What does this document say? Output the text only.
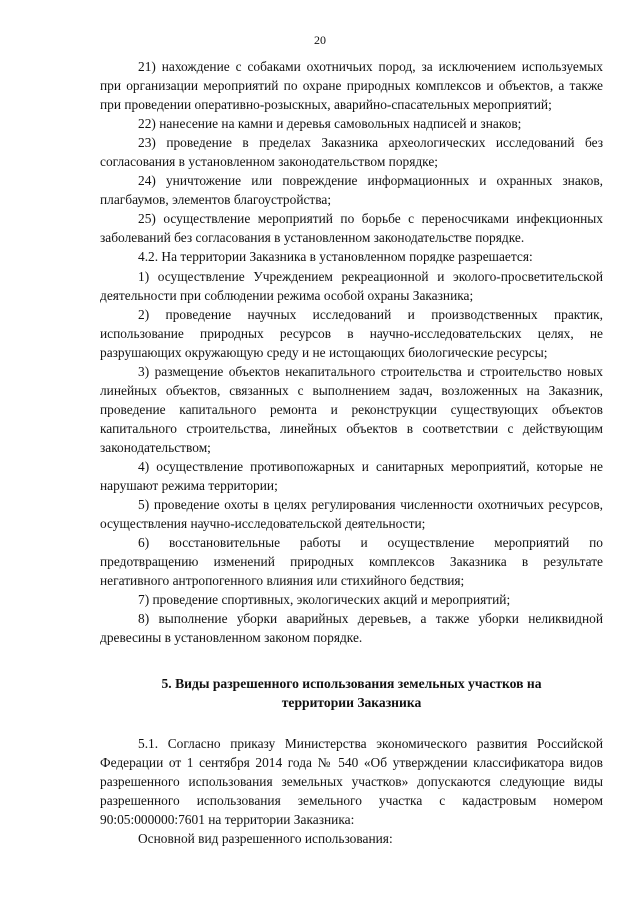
20

21) нахождение с собаками охотничьих пород, за исключением используемых при организации мероприятий по охране природных комплексов и объектов, а также при проведении оперативно-розыскных, аварийно-спасательных мероприятий;

22) нанесение на камни и деревья самовольных надписей и знаков;

23) проведение в пределах Заказника археологических исследований без согласования в установленном законодательством порядке;

24) уничтожение или повреждение информационных и охранных знаков, плагбаумов, элементов благоустройства;

25) осуществление мероприятий по борьбе с переносчиками инфекционных заболеваний без согласования в установленном законодательстве порядке.

4.2. На территории Заказника в установленном порядке разрешается:

1) осуществление Учреждением рекреационной и эколого-просветительской деятельности при соблюдении режима особой охраны Заказника;

2) проведение научных исследований и производственных практик, использование природных ресурсов в научно-исследовательских целях, не разрушающих окружающую среду и не истощающих биологические ресурсы;

3) размещение объектов некапитального строительства и строительство новых линейных объектов, связанных с выполнением задач, возложенных на Заказник, проведение капитального ремонта и реконструкции существующих объектов капитального строительства, линейных объектов в соответствии с действующим законодательством;

4) осуществление противопожарных и санитарных мероприятий, которые не нарушают режима территории;

5) проведение охоты в целях регулирования численности охотничьих ресурсов, осуществления научно-исследовательской деятельности;

6) восстановительные работы и осуществление мероприятий по предотвращению изменений природных комплексов Заказника в результате негативного антропогенного влияния или стихийного бедствия;

7) проведение спортивных, экологических акций и мероприятий;

8) выполнение уборки аварийных деревьев, а также уборки неликвидной древесины в установленном законом порядке.

5. Виды разрешенного использования земельных участков на
территории Заказника

5.1. Согласно приказу Министерства экономического развития Российской Федерации от 1 сентября 2014 года № 540 «Об утверждении классификатора видов разрешенного использования земельных участков» допускаются следующие виды разрешенного использования земельного участка с кадастровым номером 90:05:000000:7601 на территории Заказника:

Основной вид разрешенного использования:
